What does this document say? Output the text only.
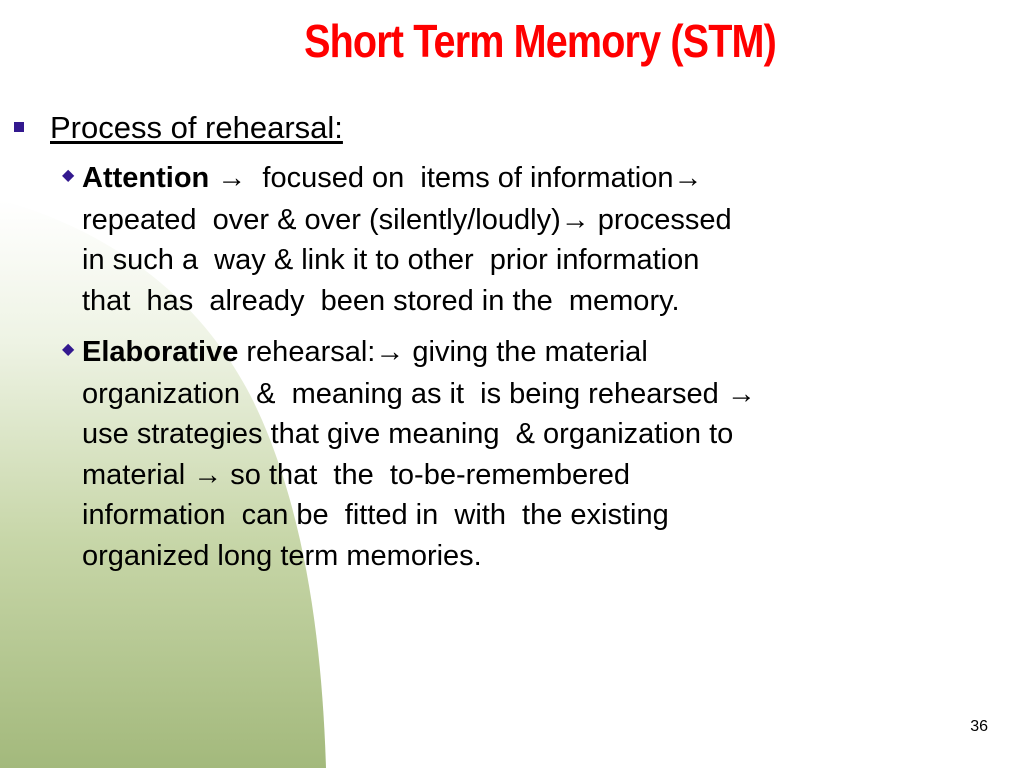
Short Term Memory (STM)
Process of rehearsal:
◆ Attention →  focused on  items of information→
repeated  over & over (silently/loudly)→ processed
in such a  way & link it to other  prior information
that  has  already  been stored in the  memory.
◆ Elaborative rehearsal:→ giving the material
organization  &  meaning as it  is being rehearsed →
use strategies that give meaning  & organization to
material → so that  the  to-be-remembered
information  can be  fitted in  with  the existing
organized long term memories.
36
